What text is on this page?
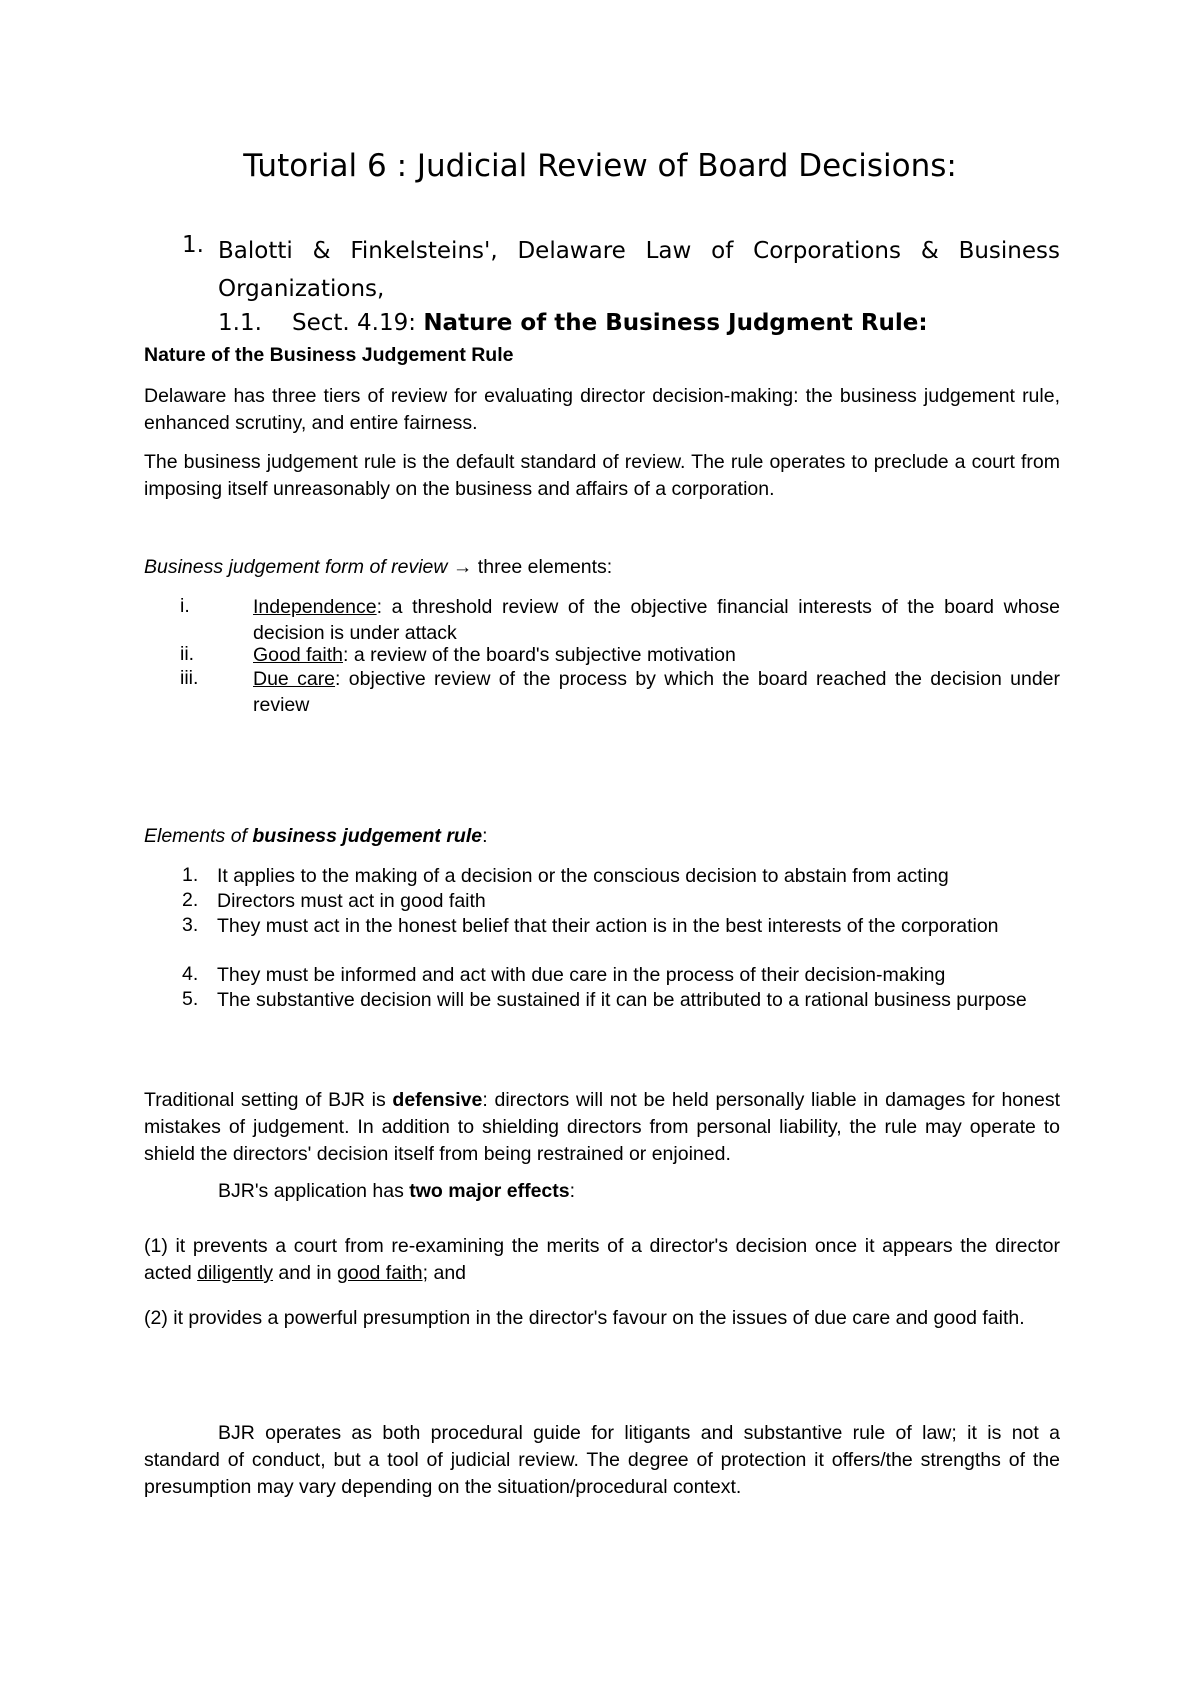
Tutorial 6 : Judicial Review of Board Decisions:
1. Balotti & Finkelsteins', Delaware Law of Corporations & Business
Organizations,
1.1. Sect. 4.19: Nature of the Business Judgment Rule:
Nature of the Business Judgement Rule
Delaware has three tiers of review for evaluating director decision-making: the business judgement rule, enhanced scrutiny, and entire fairness.
The business judgement rule is the default standard of review. The rule operates to preclude a court from imposing itself unreasonably on the business and affairs of a corporation.
Business judgement form of review → three elements:
i.	Independence: a threshold review of the objective financial interests of the board whose decision is under attack
ii.	Good faith: a review of the board's subjective motivation
iii.	Due care: objective review of the process by which the board reached the decision under review
Elements of business judgement rule:
1. It applies to the making of a decision or the conscious decision to abstain from acting
2. Directors must act in good faith
3. They must act in the honest belief that their action is in the best interests of the corporation
4. They must be informed and act with due care in the process of their decision-making
5. The substantive decision will be sustained if it can be attributed to a rational business purpose
Traditional setting of BJR is defensive: directors will not be held personally liable in damages for honest mistakes of judgement. In addition to shielding directors from personal liability, the rule may operate to shield the directors' decision itself from being restrained or enjoined.
BJR's application has two major effects:
(1) it prevents a court from re-examining the merits of a director's decision once it appears the director acted diligently and in good faith; and
(2) it provides a powerful presumption in the director's favour on the issues of due care and good faith.
BJR operates as both procedural guide for litigants and substantive rule of law; it is not a standard of conduct, but a tool of judicial review. The degree of protection it offers/the strengths of the presumption may vary depending on the situation/procedural context.
